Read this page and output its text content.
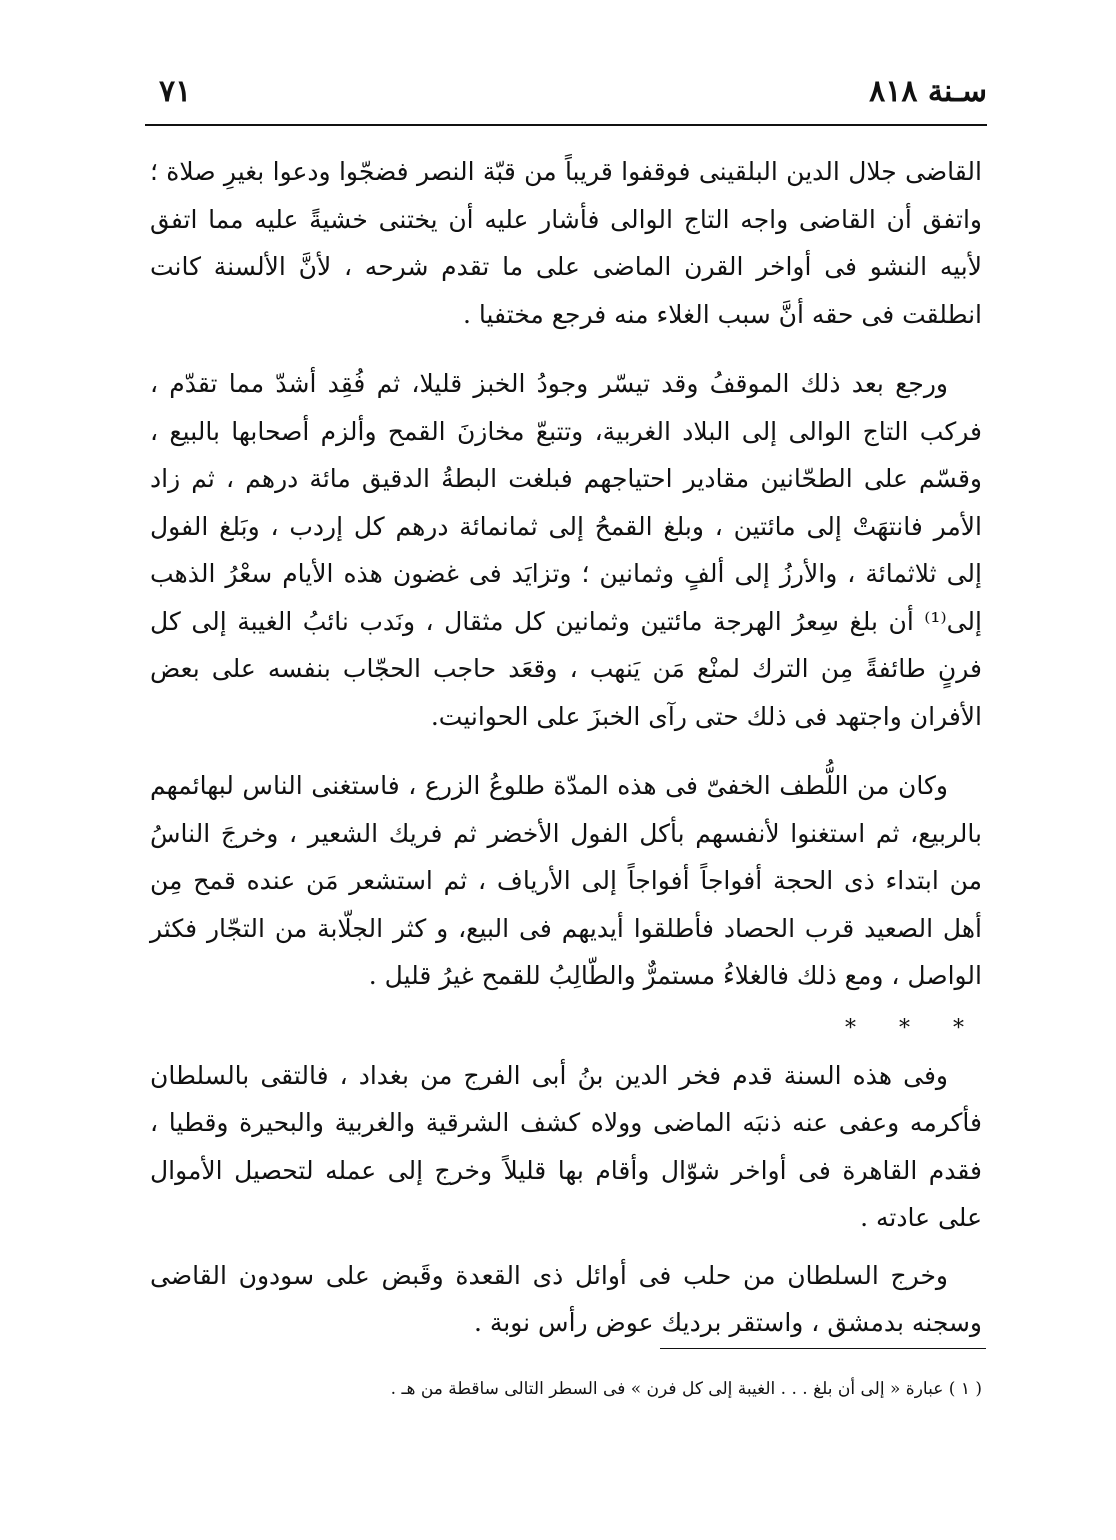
سـنة ٨١٨
٧١

القاضى جلال الدين البلقينى فوقفوا قريباً من قبّة النصر فضجّوا ودعوا بغيرِ صلاة ؛ واتفق أن القاضى واجه التاج الوالى فأشار عليه أن يختنى خشيةً عليه مما اتفق لأبيه النشو فى أواخر القرن الماضى على ما تقدم شرحه ، لأنَّ الألسنة كانت انطلقت فى حقه أنَّ سبب الغلاء منه فرجع مختفيا .

ورجع بعد ذلك الموقفُ وقد تيسّر وجودُ الخبز قليلا، ثم فُقِد أشدّ مما تقدّم ، فركب التاج الوالى إلى البلاد الغربية، وتتبعّ مخازنَ القمح وألزم أصحابها بالبيع ، وقسّم على الطحّانين مقادير احتياجهم فبلغت البطةُ الدقيق مائة درهم ، ثم زاد الأمر فانتهَتْ إلى مائتين ، وبلغ القمحُ إلى ثمانمائة درهم كل إردب ، وبَلغ الفول إلى ثلاثمائة ، والأرزُ إلى ألفٍ وثمانين ؛ وتزايَد فى غضون هذه الأيام سعْرُ الذهب إلى⁽¹⁾ أن بلغ سِعرُ الهرجة مائتين وثمانين كل مثقال ، ونَدب نائبُ الغيبة إلى كل فرنٍ طائفةً مِن الترك لمنْع مَن يَنهب ، وقعَد حاجب الحجّاب بنفسه على بعض الأفران واجتهد فى ذلك حتى رآى الخبزَ على الحوانيت.

وكان من اللُّطف الخفىّ فى هذه المدّة طلوعُ الزرع ، فاستغنى الناس لبهائمهم بالربيع، ثم استغنوا لأنفسهم بأكل الفول الأخضر ثم فريك الشعير ، وخرجَ الناسُ من ابتداء ذى الحجة أفواجاً أفواجاً إلى الأرياف ، ثم استشعر مَن عنده قمح مِن أهل الصعيد قرب الحصاد فأطلقوا أيديهم فى البيع، و كثر الجلّابة من التجّار فكثر الواصل ، ومع ذلك فالغلاءُ مستمرٌّ والطّالِبُ للقمح غيرُ قليل .

* * *

وفى هذه السنة قدم فخر الدين بنُ أبى الفرج من بغداد ، فالتقى بالسلطان فأكرمه وعفى عنه ذنبَه الماضى وولاه كشف الشرقية والغربية والبحيرة وقطيا ، فقدم القاهرة فى أواخر شوّال وأقام بها قليلاً وخرج إلى عمله لتحصيل الأموال على عادته .

وخرج السلطان من حلب فى أوائل ذى القعدة وقَبض على سودون القاضى وسجنه بدمشق ، واستقر برديك عوض رأس نوبة .

( ١ ) عبارة « إلى أن بلغ . . . الغيبة إلى كل فرن » فى السطر التالى ساقطة من هـ .
